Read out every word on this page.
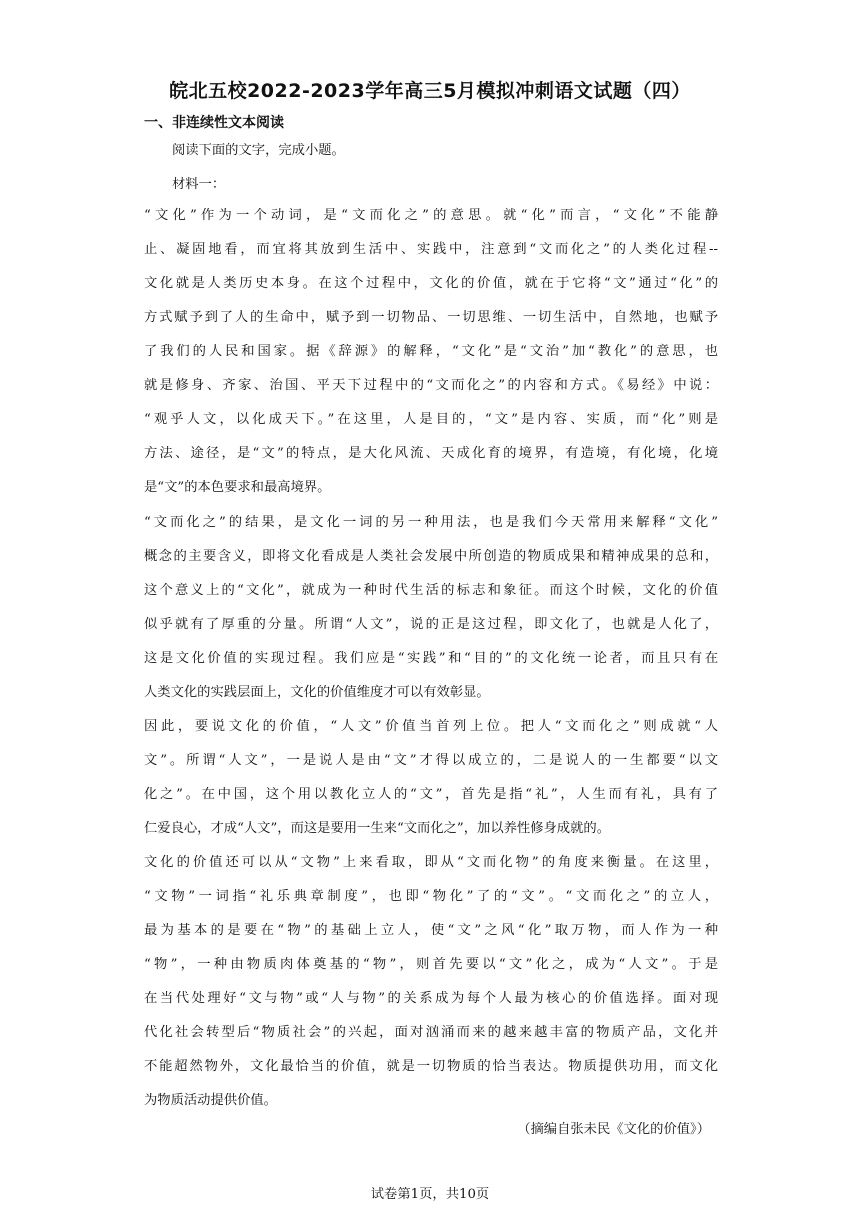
皖北五校2022-2023学年高三5月模拟冲刺语文试题（四）
一、非连续性文本阅读
阅读下面的文字，完成小题。
材料一：
“文化”作为一个动词，是“文而化之”的意思。就“化”而言，“文化”不能静
止、凝固地看，而宜将其放到生活中、实践中，注意到“文而化之”的人类化过程--
文化就是人类历史本身。在这个过程中，文化的价值，就在于它将“文”通过“化”的
方式赋予到了人的生命中，赋予到一切物品、一切思维、一切生活中，自然地，也赋予
了我们的人民和国家。据《辞源》的解释，“文化”是“文治”加“教化”的意思，也
就是修身、齐家、治国、平天下过程中的“文而化之”的内容和方式。《易经》中说：
“观乎人文，以化成天下。”在这里，人是目的，“文”是内容、实质，而“化”则是
方法、途径，是“文”的特点，是大化风流、天成化育的境界，有造境，有化境，化境
是“文”的本色要求和最高境界。
“文而化之”的结果，是文化一词的另一种用法，也是我们今天常用来解释“文化”
概念的主要含义，即将文化看成是人类社会发展中所创造的物质成果和精神成果的总和，
这个意义上的“文化”，就成为一种时代生活的标志和象征。而这个时候，文化的价值
似乎就有了厚重的分量。所谓“人文”，说的正是这过程，即文化了，也就是人化了，
这是文化价值的实现过程。我们应是“实践”和“目的”的文化统一论者，而且只有在
人类文化的实践层面上，文化的价值维度才可以有效彰显。
因此，要说文化的价值，“人文”价值当首列上位。把人“文而化之”则成就“人
文”。所谓“人文”，一是说人是由“文”才得以成立的，二是说人的一生都要“以文
化之”。在中国，这个用以教化立人的“文”，首先是指“礼”，人生而有礼，具有了
仁爱良心，才成“人文”，而这是要用一生来“文而化之”，加以养性修身成就的。
文化的价值还可以从“文物”上来看取，即从“文而化物”的角度来衡量。在这里，
“文物”一词指“礼乐典章制度”，也即“物化”了的“文”。“文而化之”的立人，
最为基本的是要在“物”的基础上立人，使“文”之风“化”取万物，而人作为一种
“物”，一种由物质肉体奠基的“物”，则首先要以“文”化之，成为“人文”。于是
在当代处理好“文与物”或“人与物”的关系成为每个人最为核心的价值选择。面对现
代化社会转型后“物质社会”的兴起，面对汹涌而来的越来越丰富的物质产品，文化并
不能超然物外，文化最恰当的价值，就是一切物质的恰当表达。物质提供功用，而文化
为物质活动提供价值。
（摘编自张未民《文化的价值》）
试卷第1页，共10页
